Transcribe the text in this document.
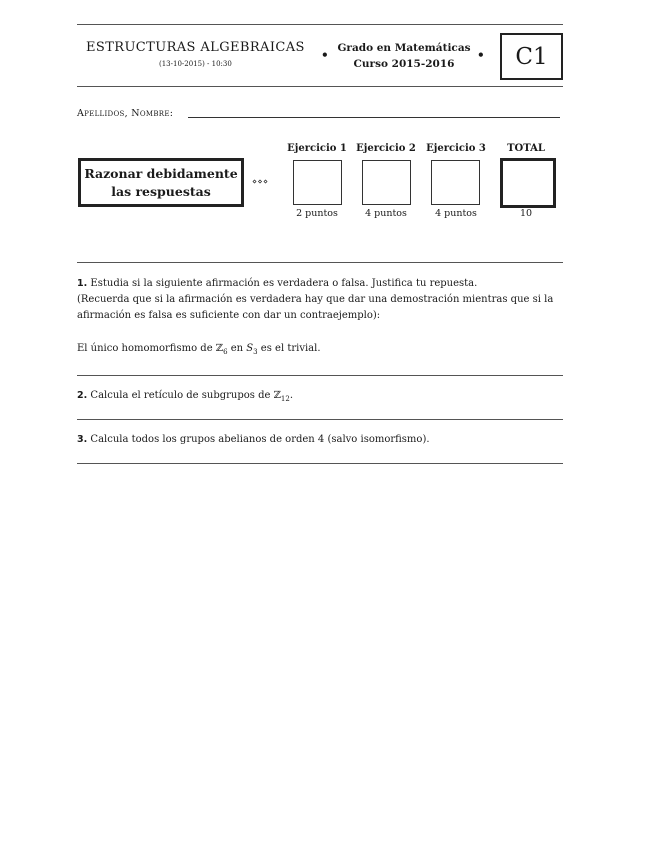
ESTRUCTURAS ALGEBRAICAS
(13-10-2015) - 10:30
• Grado en Matemáticas
Curso 2015-2016
• C1
Apellidos, Nombre:
Razonar debidamente
las respuestas
⋄⋄⋄
Ejercicio 1 Ejercicio 2	Ejercicio 3	TOTAL
2 puntos	4 puntos	4 puntos	10
1. Estudia si la siguiente afirmación es verdadera o falsa. Justifica tu repuesta.
(Recuerda que si la afirmación es verdadera hay que dar una demostración mientras que si la afirmación es falsa es suficiente con dar un contraejemplo):
El único homomorfismo de ℤ$_6$ en $S_3$ es el trivial.
2. Calcula el retículo de subgrupos de ℤ$_{12}$.
3. Calcula todos los grupos abelianos de orden 4 (salvo isomorfismo).
